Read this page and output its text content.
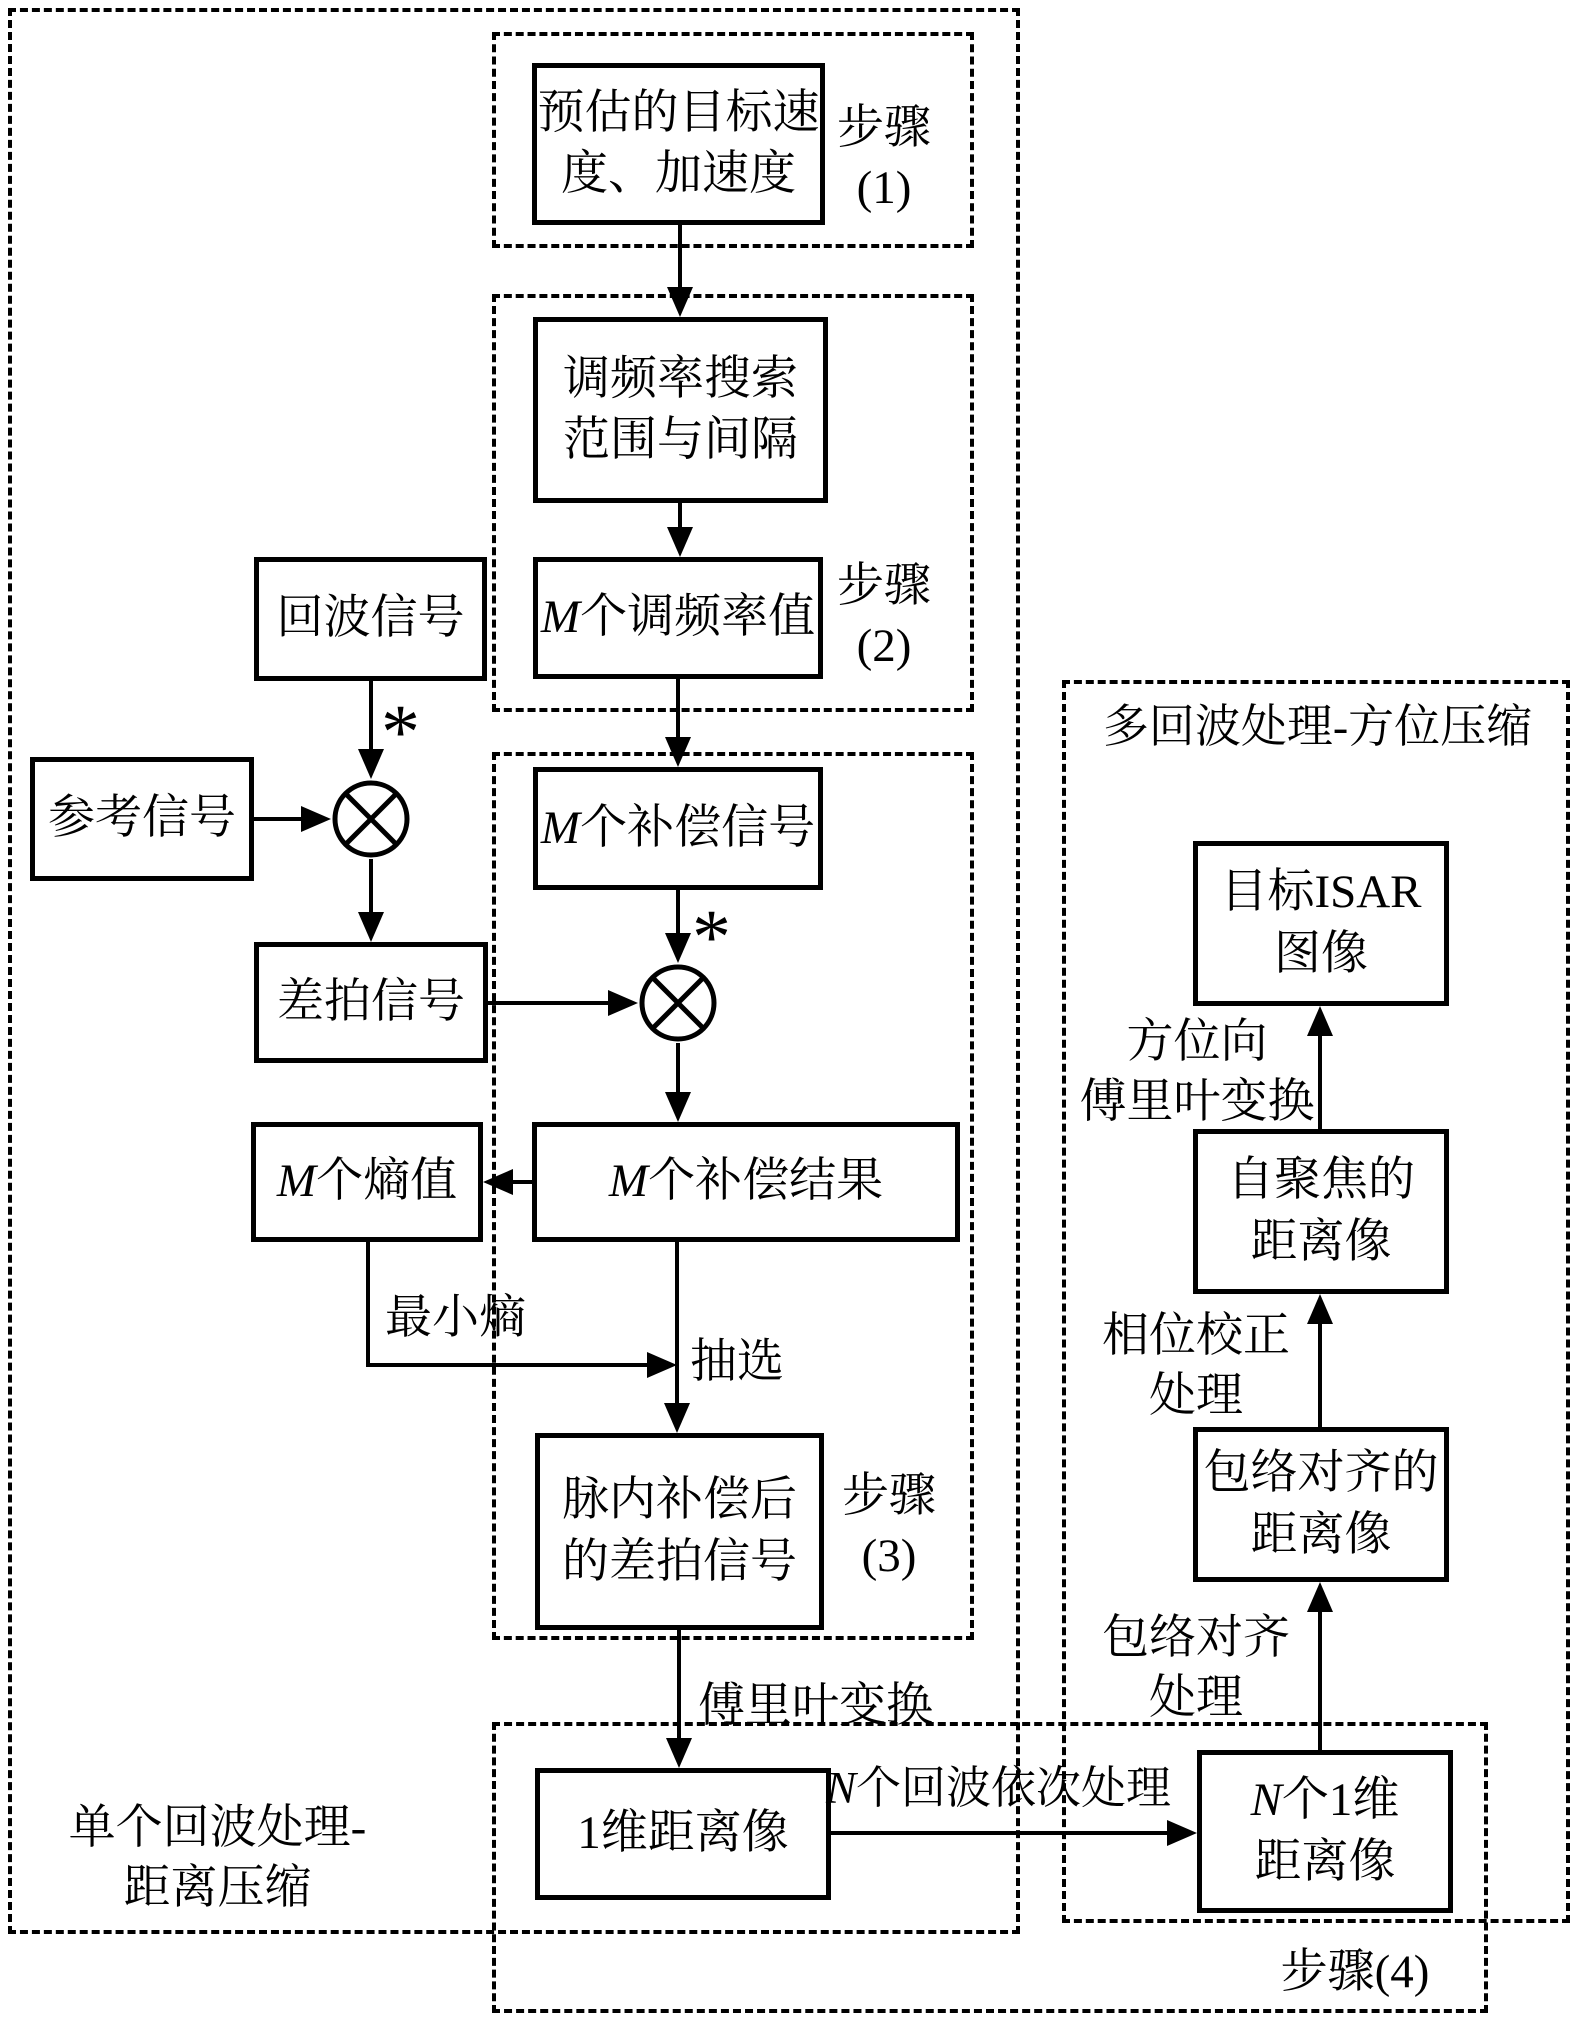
多回波处理-方位压缩
单个回波处理-
距离压缩
步骤
(1)
步骤
(2)
步骤
(3)
步骤(4)
预估的目标速
度、加速度
调频率搜索
范围与间隔
M个调频率值
回波信号
参考信号
差拍信号
M个熵值
M个补偿信号
M个补偿结果
脉内补偿后
的差拍信号
1维距离像
N个1维
距离像
目标ISAR
图像
自聚焦的
距离像
包络对齐的
距离像
*
*
最小熵
抽选
傅里叶变换
N个回波依次处理
方位向
傅里叶变换
相位校正
处理
包络对齐
处理
